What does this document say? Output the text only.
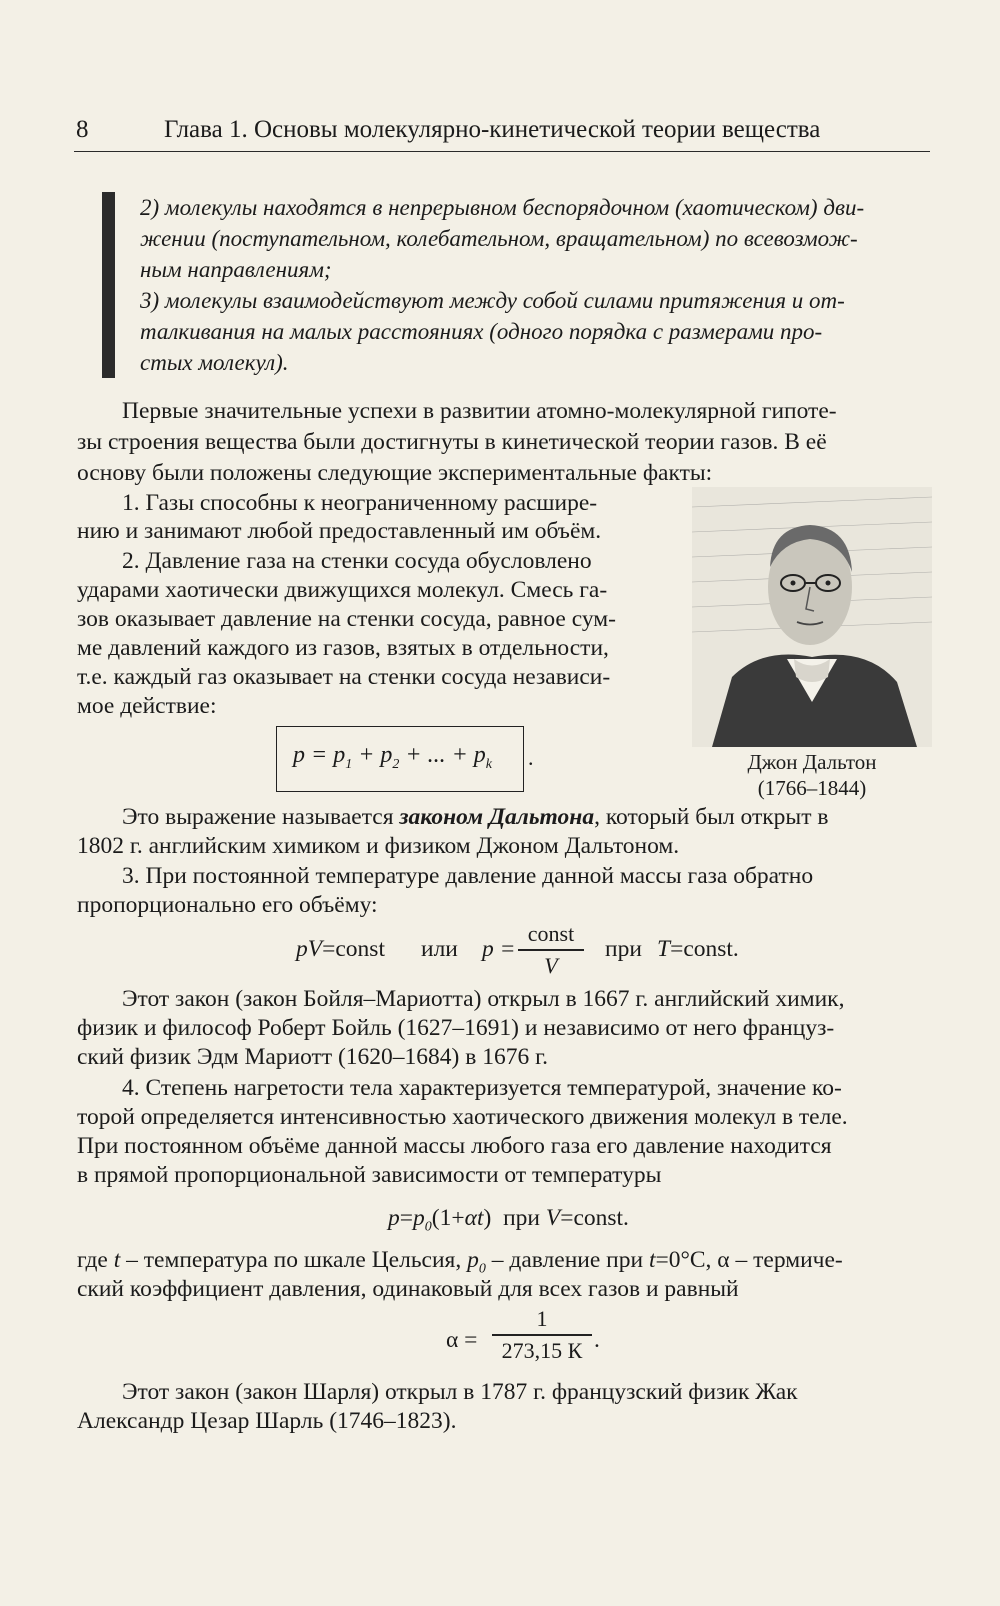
8	Глава 1. Основы молекулярно-кинетической теории вещества

2) молекулы находятся в непрерывном беспорядочном (хаотическом) дви-
жении (поступательном, колебательном, вращательном) по всевозмож-
ным направлениям;
3) молекулы взаимодействуют между собой силами притяжения и от-
талкивания на малых расстояниях (одного порядка с размерами про-
стых молекул).

Первые значительные успехи в развитии атомно-молекулярной гипоте-
зы строения вещества были достигнуты в кинетической теории газов. В её
основу были положены следующие экспериментальные факты:
1. Газы способны к неограниченному расшире-
нию и занимают любой предоставленный им объём.
2. Давление газа на стенки сосуда обусловлено
ударами хаотически движущихся молекул. Смесь га-
зов оказывает давление на стенки сосуда, равное сум-
ме давлений каждого из газов, взятых в отдельности,
т.е. каждый газ оказывает на стенки сосуда независи-
мое действие:
Джон Дальтон
(1766–1844)
$p = p_1 + p_2$ + ... + $p_k$ .
Это выражение называется законом Дальтона, который был открыт в
1802 г. английским химиком и физиком Джоном Дальтоном.
3. При постоянной температуре давление данной массы газа обратно
пропорционально его объёму:
pV=const или p =
const
V
при T=const.
Этот закон (закон Бойля–Мариотта) открыл в 1667 г. английский химик,
физик и философ Роберт Бойль (1627–1691) и независимо от него француз-
ский физик Эдм Мариотт (1620–1684) в 1676 г.
4. Степень нагретости тела характеризуется температурой, значение ко-
торой определяется интенсивностью хаотического движения молекул в теле.
При постоянном объёме данной массы любого газа его давление находится
в прямой пропорциональной зависимости от температуры
$p=p_0(1+\alpha t)$ при V=const.
где t – температура по шкале Цельсия, $p_0$ – давление при t=0°C, α – термиче-
ский коэффициент давления, одинаковый для всех газов и равный
α =
1
273,15 К .
Этот закон (закон Шарля) открыл в 1787 г. французский физик Жак
Александр Цезар Шарль (1746–1823).
